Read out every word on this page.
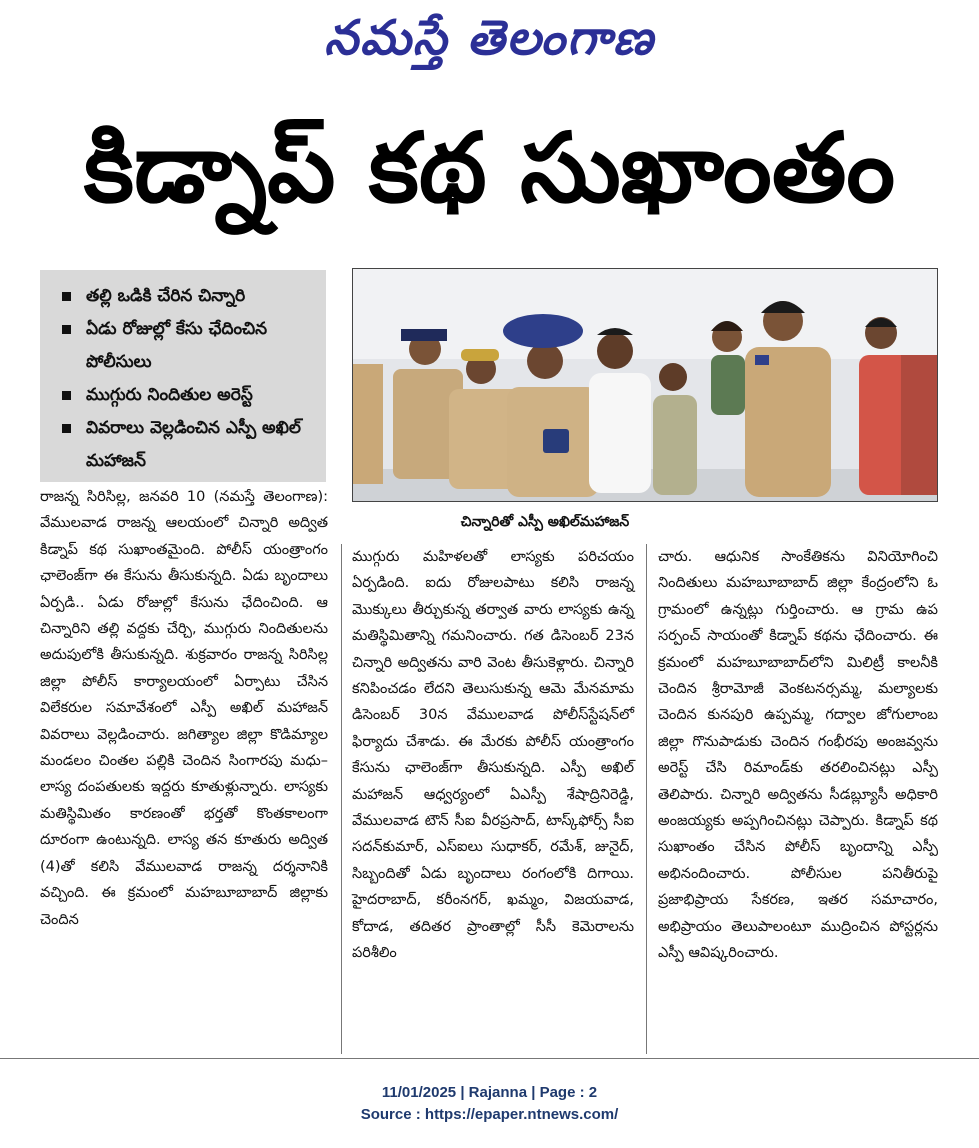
నమస్తే తెలంగాణ
కిడ్నాప్ కథ సుఖాంతం
తల్లి ఒడికి చేరిన చిన్నారి
ఏడు రోజుల్లో కేసు ఛేదించిన పోలీసులు
ముగ్గురు నిందితుల అరెస్ట్
వివరాలు వెల్లడించిన ఎస్పీ అఖిల్ మహాజన్
చిన్నారితో ఎస్పీ అఖిల్‌మహాజన్
రాజన్న సిరిసిల్ల, జనవరి 10 (నమస్తే తెలంగాణ): వేములవాడ రాజన్న ఆలయంలో చిన్నారి అద్విత కిడ్నాప్ కథ సుఖాంతమైంది. పోలీస్ యంత్రాంగం ఛాలెంజ్‌గా ఈ కేసును తీసుకున్నది. ఏడు బృందాలు ఏర్పడి.. ఏడు రోజుల్లో కేసును ఛేదించింది. ఆ చిన్నారిని తల్లి వద్దకు చేర్చి, ముగ్గురు నిందితులను అదుపులోకి తీసుకున్నది. శుక్రవారం రాజన్న సిరిసిల్ల జిల్లా పోలీస్ కార్యాలయంలో ఏర్పాటు చేసిన విలేకరుల సమావేశంలో ఎస్పీ అఖిల్ మహాజన్ వివరాలు వెల్లడించారు. జగిత్యాల జిల్లా కొడిమ్యాల మండలం చింతల పల్లికి చెందిన సింగారపు మధు–లాస్య దంపతులకు ఇద్దరు కూతుళ్లున్నారు. లాస్యకు మతిస్థిమితం కారణంతో భర్తతో కొంతకాలంగా దూరంగా ఉంటున్నది. లాస్య తన కూతురు అద్విత (4)తో కలిసి వేములవాడ రాజన్న దర్శనానికి వచ్చింది. ఈ క్రమంలో మహబూబాబాద్ జిల్లాకు చెందిన
ముగ్గురు మహిళలతో లాస్యకు పరిచయం ఏర్పడింది. ఐదు రోజులపాటు కలిసి రాజన్న మొక్కులు తీర్చుకున్న తర్వాత వారు లాస్యకు ఉన్న మతిస్థిమితాన్ని గమనించారు. గత డిసెంబర్ 23న చిన్నారి అద్వితను వారి వెంట తీసుకెళ్లారు. చిన్నారి కనిపించడం లేదని తెలుసుకున్న ఆమె మేనమామ డిసెంబర్ 30న వేములవాడ పోలీస్‌స్టేషన్‌లో ఫిర్యాదు చేశాడు. ఈ మేరకు పోలీస్ యంత్రాంగం కేసును ఛాలెంజ్‌గా తీసుకున్నది. ఎస్పీ అఖిల్ మహాజన్ ఆధ్వర్యంలో ఏఎస్పీ శేషాద్రినిరెడ్డి, వేములవాడ టౌన్ సీఐ వీరప్రసాద్, టాస్క్‌ఫోర్స్ సీఐ సదన్‌కుమార్, ఎస్‌ఐలు సుధాకర్, రమేశ్, జునైద్, సిబ్బందితో ఏడు బృందాలు రంగంలోకి దిగాయి. హైదరాబాద్, కరీంనగర్, ఖమ్మం, విజయవాడ, కోదాడ, తదితర ప్రాంతాల్లో సీసీ కెమెరాలను పరిశీలిం
చారు. ఆధునిక సాంకేతికను వినియోగించి నిందితులు మహబూబాబాద్ జిల్లా కేంద్రంలోని ఓ గ్రామంలో ఉన్నట్లు గుర్తించారు. ఆ గ్రామ ఉప సర్పంచ్ సాయంతో కిడ్నాప్ కథను ఛేదించారు. ఈ క్రమంలో మహబూబాబాద్‌లోని మిలిట్రీ కాలనీకి చెందిన శ్రీరామోజీ వెంకటనర్సమ్మ, మల్యాలకు చెందిన కునపురి ఉప్పమ్మ, గద్వాల జోగులాంబ జిల్లా గొనుపాడుకు చెందిన గంభీరపు అంజవ్వను అరెస్ట్ చేసి రిమాండ్‌కు తరలించినట్లు ఎస్పీ తెలిపారు. చిన్నారి అద్వితను సీడబ్ల్యూసీ అధికారి అంజయ్యకు అప్పగించినట్లు చెప్పారు. కిడ్నాప్ కథ సుఖాంతం చేసిన పోలీస్ బృందాన్ని ఎస్పీ అభినందించారు. పోలీసుల పనితీరుపై ప్రజాభిప్రాయ సేకరణ, ఇతర సమాచారం, అభిప్రాయం తెలుపాలంటూ ముద్రించిన పోస్టర్లను ఎస్పీ ఆవిష్కరించారు.
11/01/2025 | Rajanna | Page : 2
Source : https://epaper.ntnews.com/
